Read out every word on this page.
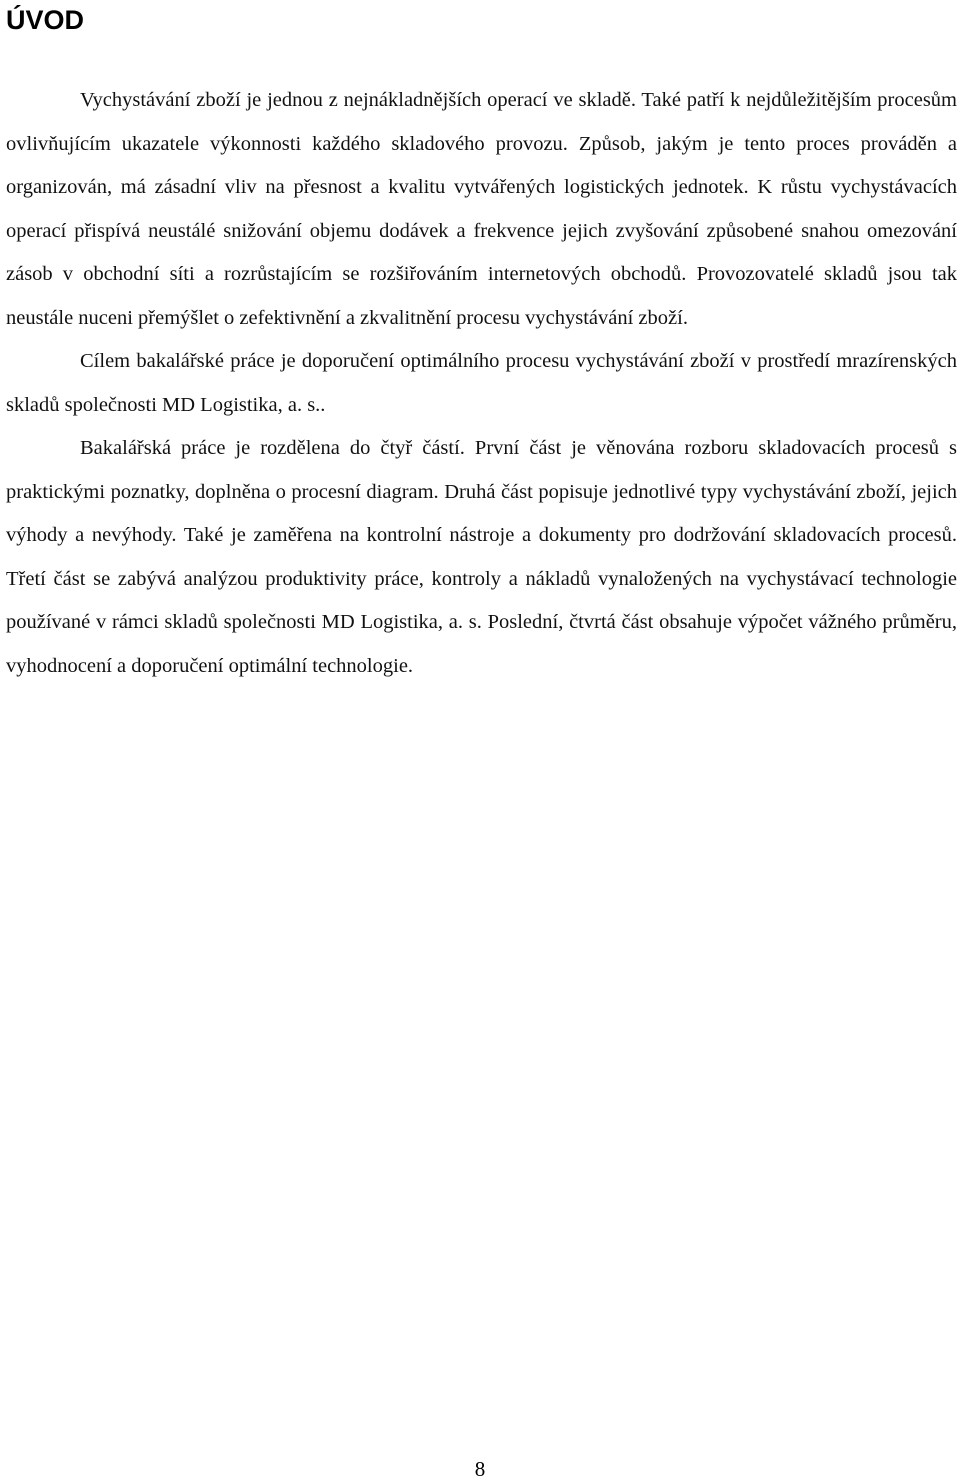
ÚVOD

Vychystávání zboží je jednou z nejnákladnějších operací ve skladě. Také patří k nejdůležitějším procesům ovlivňujícím ukazatele výkonnosti každého skladového provozu. Způsob, jakým je tento proces prováděn a organizován, má zásadní vliv na přesnost a kvalitu vytvářených logistických jednotek. K růstu vychystávacích operací přispívá neustálé snižování objemu dodávek a frekvence jejich zvyšování způsobené snahou omezování zásob v obchodní síti a rozrůstajícím se rozšiřováním internetových obchodů. Provozovatelé skladů jsou tak neustále nuceni přemýšlet o zefektivnění a zkvalitnění procesu vychystávání zboží.

Cílem bakalářské práce je doporučení optimálního procesu vychystávání zboží v prostředí mrazírenských skladů společnosti MD Logistika, a. s..

Bakalářská práce je rozdělena do čtyř částí. První část je věnována rozboru skladovacích procesů s praktickými poznatky, doplněna o procesní diagram. Druhá část popisuje jednotlivé typy vychystávání zboží, jejich výhody a nevýhody. Také je zaměřena na kontrolní nástroje a dokumenty pro dodržování skladovacích procesů. Třetí část se zabývá analýzou produktivity práce, kontroly a nákladů vynaložených na vychystávací technologie používané v rámci skladů společnosti MD Logistika, a. s. Poslední, čtvrtá část obsahuje výpočet vážného průměru, vyhodnocení a doporučení optimální technologie.

8
